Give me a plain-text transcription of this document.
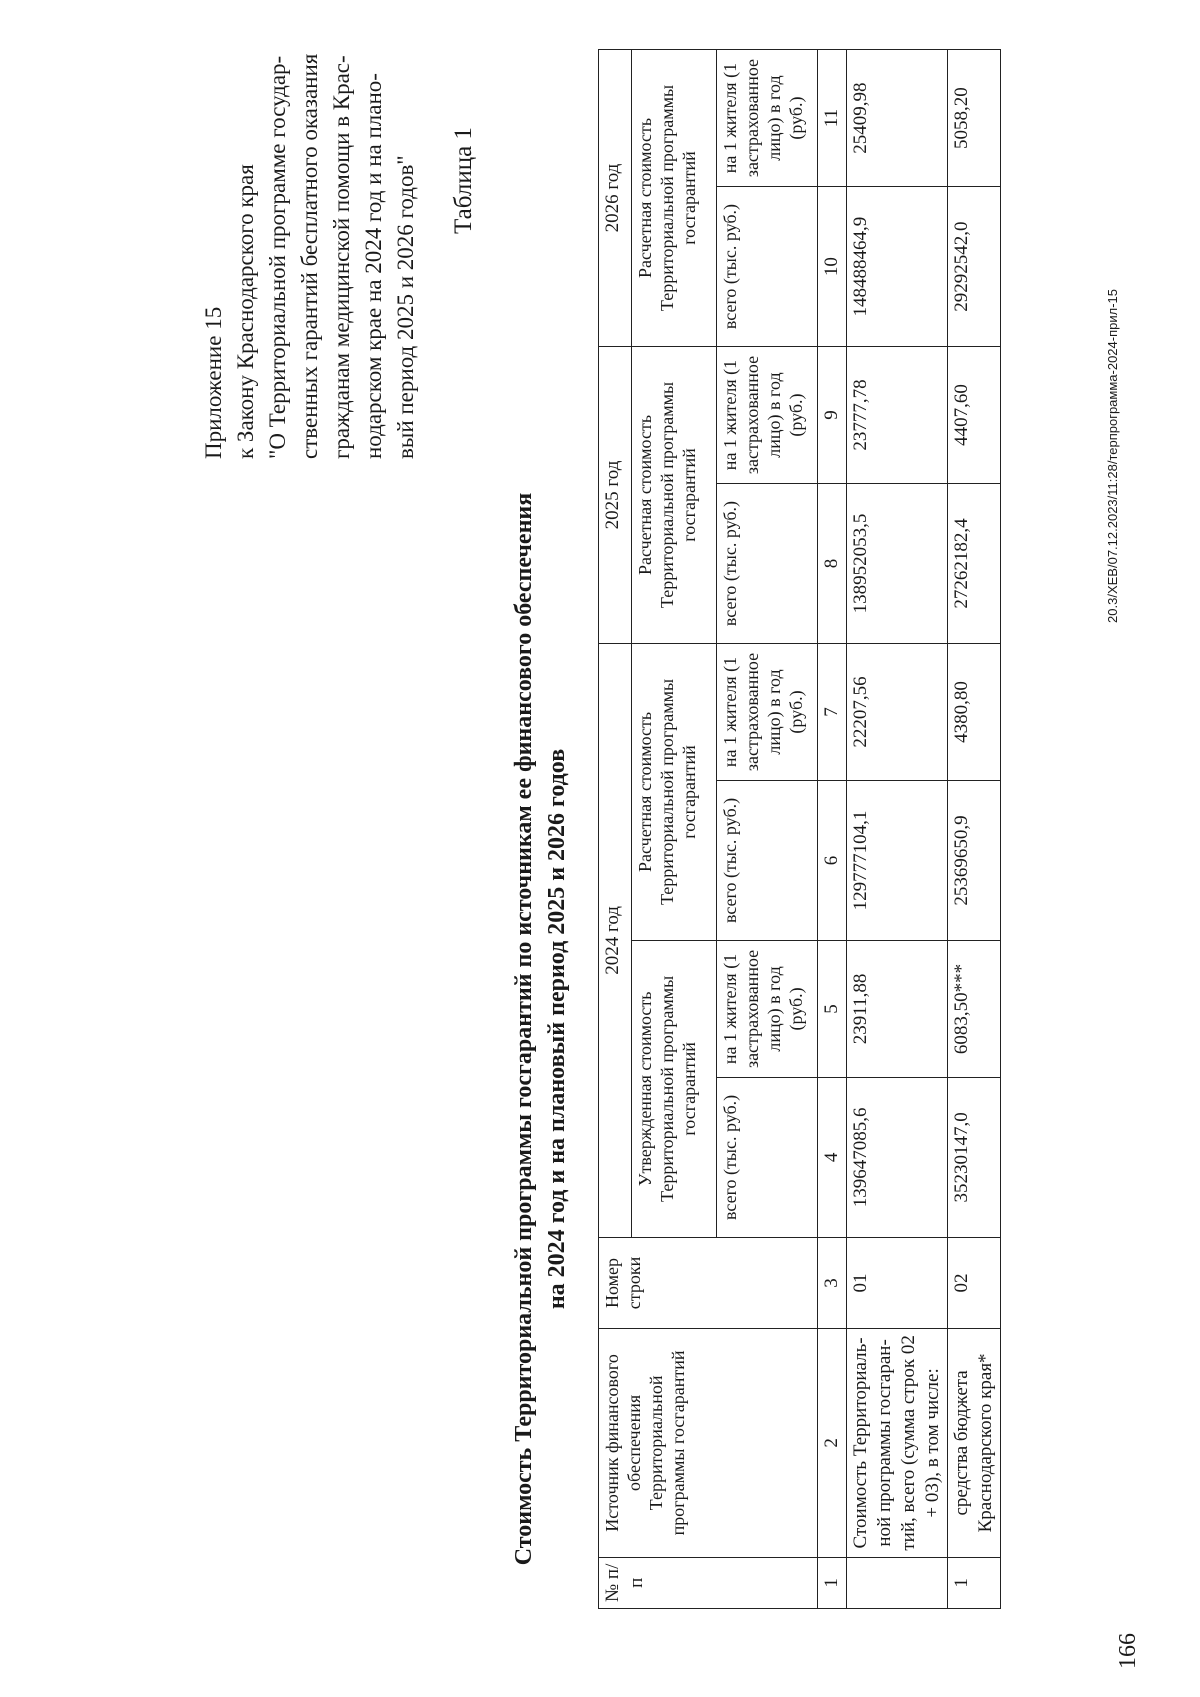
Приложение 15 к Закону Краснодарского края "О Территориальной программе государ- ственных гарантий бесплатного оказания гражданам медицинской помощи в Крас- нодарском крае на 2024 год и на плано- вый период 2025 и 2026 годов" Таблица 1
Стоимость Территориальной программы госгарантий по источникам ее финансового обеспечения на 2024 год и на плановый период 2025 и 2026 годов
№ п/п	Источник финансового обеспечения Территориальной программы госгарантий	Номер строки	2024 год				2025 год		2026 год	
			Утвержденная стоимость Территориальной программы госгарантий		Расчетная стоимость Территориальной программы госгарантий		Расчетная стоимость Территориальной программы госгарантий		Расчетная стоимость Территориальной программы госгарантий	
			всего (тыс. руб.)	на 1 жителя (1 застрахованное лицо) в год (руб.)	всего (тыс. руб.)	на 1 жителя (1 застрахованное лицо) в год (руб.)	всего (тыс. руб.)	на 1 жителя (1 застрахованное лицо) в год (руб.)	всего (тыс. руб.)	на 1 жителя (1 застрахованное лицо) в год (руб.)
1	2	3	4	5	6	7	8	9	10	11
	Стоимость Территориаль-ной программы госгаран-тий, всего (сумма строк 02 + 03), в том числе:	01	139647085,6	23911,88	129777104,1	22207,56	138952053,5	23777,78	148488464,9	25409,98
1	средства бюджета Краснодарского края*	02	35230147,0	6083,50***	25369650,9	4380,80	27262182,4	4407,60	29292542,0	5058,20
20.3/ХЕВ/07.12.2023/11:28/терпрограмма-2024-прил-15
166
